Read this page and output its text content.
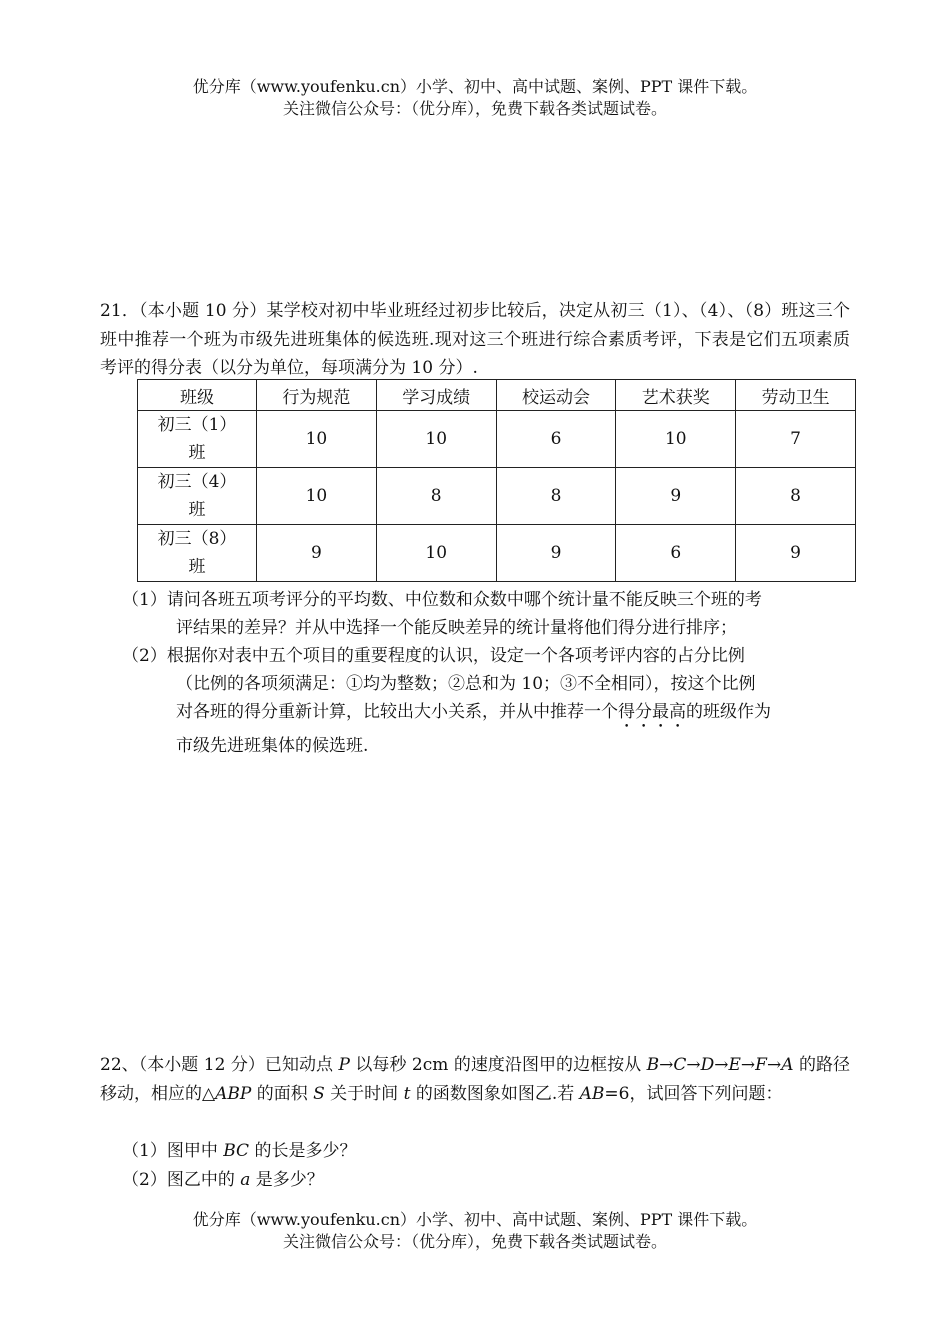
优分库（www.youfenku.cn）小学、初中、高中试题、案例、PPT 课件下载。
关注微信公众号：（优分库），免费下载各类试题试卷。
21．（本小题 10 分）某学校对初中毕业班经过初步比较后，决定从初三（1）、（4）、（8）班这三个班中推荐一个班为市级先进班集体的候选班.现对这三个班进行综合素质考评，下表是它们五项素质考评的得分表（以分为单位，每项满分为 10 分）.
班级	行为规范	学习成绩	校运动会	艺术获奖	劳动卫生
初三（1）
班	10	10	6	10	7
初三（4）
班	10	8	8	9	8
初三（8）
班	9	10	9	6	9
（1）请问各班五项考评分的平均数、中位数和众数中哪个统计量不能反映三个班的考
评结果的差异？并从中选择一个能反映差异的统计量将他们得分进行排序；
（2）根据你对表中五个项目的重要程度的认识，设定一个各项考评内容的占分比例
（比例的各项须满足：①均为整数；②总和为 10；③不全相同），按这个比例
对各班的得分重新计算，比较出大小关系，并从中推荐一个得分最高的班级作为
市级先进班集体的候选班.
22、（本小题 12 分）已知动点 P 以每秒 2cm 的速度沿图甲的边框按从 B→C→D→E→F→A 的路径移动，相应的△ABP 的面积 S 关于时间 t 的函数图象如图乙.若 AB=6，试回答下列问题：
（1）图甲中 BC 的长是多少？
（2）图乙中的 a 是多少？
优分库（www.youfenku.cn）小学、初中、高中试题、案例、PPT 课件下载。
关注微信公众号：（优分库），免费下载各类试题试卷。
